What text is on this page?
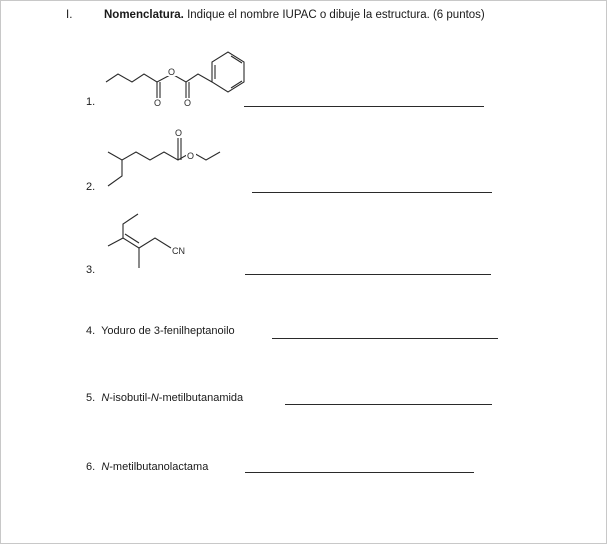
I.	Nomenclatura. Indique el nombre IUPAC o dibuje la estructura. (6 puntos)
O
O	O
1.
O
O
2.
CN
3.
4. Yoduro de 3-fenilheptanoilo
5. N-isobutil-N-metilbutanamida
6. N-metilbutanolactama
